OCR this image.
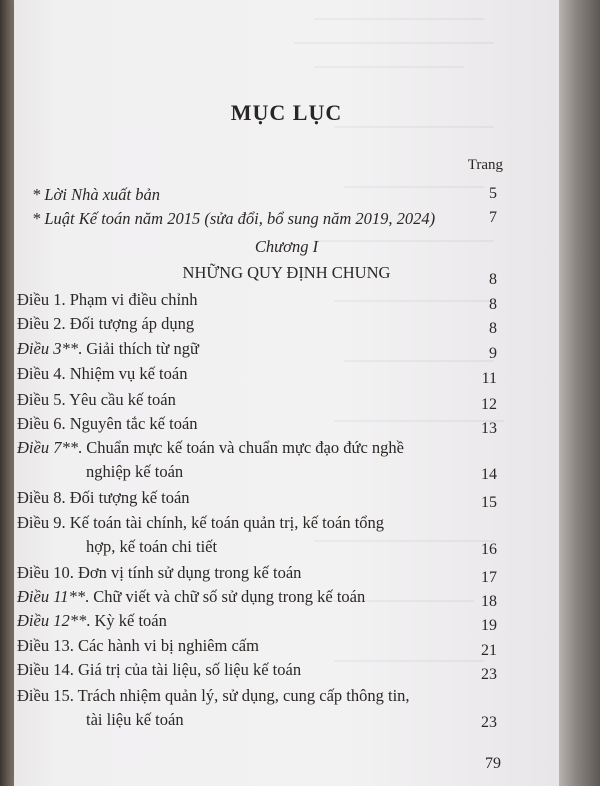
MỤC LỤC
Trang
* Lời Nhà xuất bản	5
* Luật Kế toán năm 2015 (sửa đổi, bổ sung năm 2019, 2024)	7
Chương I
NHỮNG QUY ĐỊNH CHUNG	8
Điều 1. Phạm vi điều chỉnh	8
Điều 2. Đối tượng áp dụng	8
Điều 3**. Giải thích từ ngữ	9
Điều 4. Nhiệm vụ kế toán	11
Điều 5. Yêu cầu kế toán	12
Điều 6. Nguyên tắc kế toán	13
Điều 7**. Chuẩn mực kế toán và chuẩn mực đạo đức nghề
nghiệp kế toán	14
Điều 8. Đối tượng kế toán	15
Điều 9. Kế toán tài chính, kế toán quản trị, kế toán tổng
hợp, kế toán chi tiết	16
Điều 10. Đơn vị tính sử dụng trong kế toán	17
Điều 11**. Chữ viết và chữ số sử dụng trong kế toán	18
Điều 12**. Kỳ kế toán	19
Điều 13. Các hành vi bị nghiêm cấm	21
Điều 14. Giá trị của tài liệu, số liệu kế toán	23
Điều 15. Trách nhiệm quản lý, sử dụng, cung cấp thông tin,
tài liệu kế toán	23
79
